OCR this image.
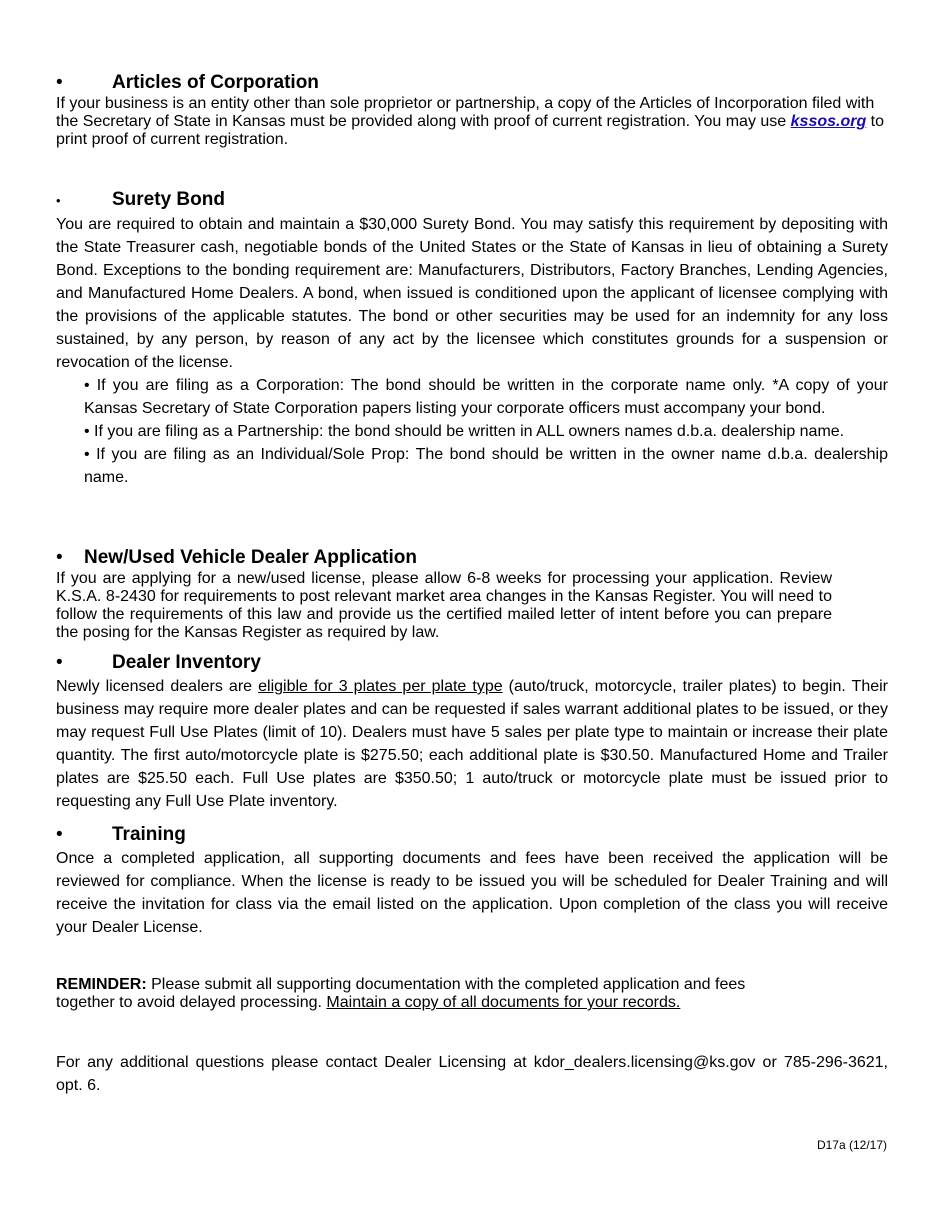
•	Articles of Corporation

If your business is an entity other than sole proprietor or partnership, a copy of the Articles of Incorporation filed with the Secretary of State in Kansas must be provided along with proof of current registration. You may use kssos.org to print proof of current registration.

•	Surety Bond

You are required to obtain and maintain a $30,000 Surety Bond. You may satisfy this requirement by depositing with the State Treasurer cash, negotiable bonds of the United States or the State of Kansas in lieu of obtaining a Surety Bond. Exceptions to the bonding requirement are: Manufacturers, Distributors, Factory Branches, Lending Agencies, and Manufactured Home Dealers. A bond, when issued is conditioned upon the applicant of licensee complying with the provisions of the applicable statutes. The bond or other securities may be used for an indemnity for any loss sustained, by any person, by reason of any act by the licensee which constitutes grounds for a suspension or revocation of the license.

• If you are filing as a Corporation: The bond should be written in the corporate name only. *A copy of your Kansas Secretary of State Corporation papers listing your corporate officers must accompany your bond.

• If you are filing as a Partnership: the bond should be written in ALL owners names d.b.a. dealership name.

• If you are filing as an Individual/Sole Prop: The bond should be written in the owner name d.b.a. dealership name.

•	New/Used Vehicle Dealer Application

If you are applying for a new/used license, please allow 6-8 weeks for processing your application. Review K.S.A. 8-2430 for requirements to post relevant market area changes in the Kansas Register. You will need to follow the requirements of this law and provide us the certified mailed letter of intent before you can prepare the posing for the Kansas Register as required by law.

•	Dealer Inventory

Newly licensed dealers are eligible for 3 plates per plate type (auto/truck, motorcycle, trailer plates) to begin. Their business may require more dealer plates and can be requested if sales warrant additional plates to be issued, or they may request Full Use Plates (limit of 10). Dealers must have 5 sales per plate type to maintain or increase their plate quantity. The first auto/motorcycle plate is $275.50; each additional plate is $30.50. Manufactured Home and Trailer plates are $25.50 each. Full Use plates are $350.50; 1 auto/truck or motorcycle plate must be issued prior to requesting any Full Use Plate inventory.

•	Training

Once a completed application, all supporting documents and fees have been received the application will be reviewed for compliance. When the license is ready to be issued you will be scheduled for Dealer Training and will receive the invitation for class via the email listed on the application. Upon completion of the class you will receive your Dealer License.

REMINDER: Please submit all supporting documentation with the completed application and fees
together to avoid delayed processing. Maintain a copy of all documents for your records.

For any additional questions please contact Dealer Licensing at kdor_dealers.licensing@ks.gov or 785-296-3621, opt. 6.

D17a (12/17)
